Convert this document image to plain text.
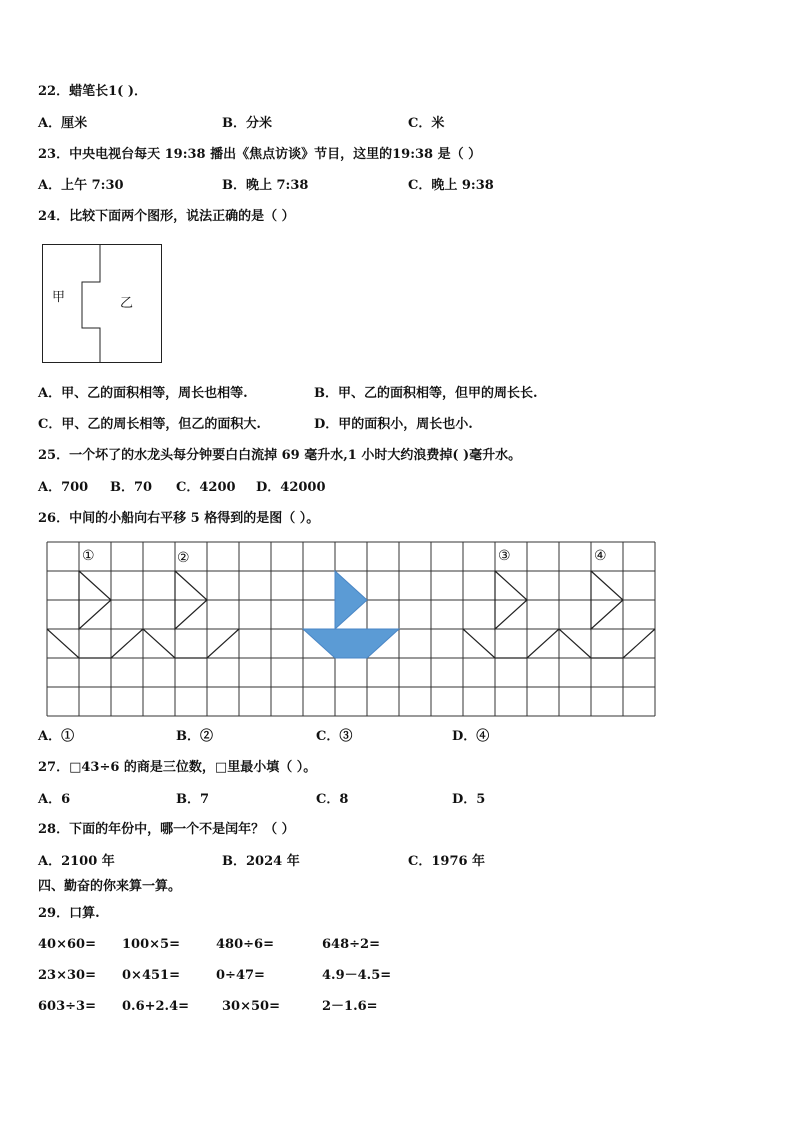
22．蜡笔长1( )．
A．厘米	B．分米	C．米
23．中央电视台每天 19:38 播出《焦点访谈》节目，这里的19:38 是（ ）
A．上午 7:30	B．晚上 7:38	C．晚上 9:38
24．比较下面两个图形，说法正确的是（ ）
甲	乙
A．甲、乙的面积相等，周长也相等.	B．甲、乙的面积相等，但甲的周长长.
C．甲、乙的周长相等，但乙的面积大.	D．甲的面积小，周长也小.
25．一个坏了的水龙头每分钟要白白流掉 69 毫升水,1 小时大约浪费掉( )毫升水。
A．700 B．70 C．4200 D．42000
26．中间的小船向右平移 5 格得到的是图（ ）。
①	②	③	④
A．①	B．②	C．③	D．④
27．□43÷6 的商是三位数，□里最小填（ ）。
A．6	B．7	C．8	D．5
28．下面的年份中，哪一个不是闰年？（ ）
A．2100 年	B．2024 年	C．1976 年
四、勤奋的你来算一算。
29．口算.
40×60= 100×5=	480÷6=	648÷2=
23×30= 0×451=	0÷47=	4.9－4.5=
603÷3= 0.6+2.4=	30×50=	2－1.6=
